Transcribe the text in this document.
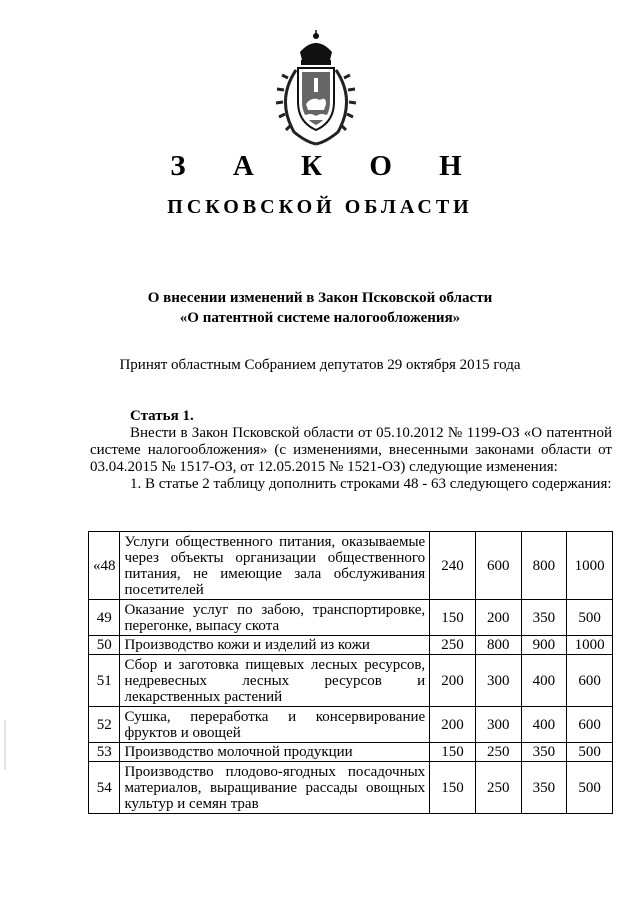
З А К О Н
ПСКОВСКОЙ ОБЛАСТИ
О внесении изменений в Закон Псковской области
«О патентной системе налогообложения»
Принят областным Собранием депутатов 29 октября 2015 года
Статья 1.

Внести в Закон Псковской области от 05.10.2012 № 1199-ОЗ «О патентной системе налогообложения» (с изменениями, внесенными законами области от 03.04.2015 № 1517-ОЗ, от 12.05.2015 № 1521-ОЗ) следующие изменения:

1. В статье 2 таблицу дополнить строками 48 - 63 следующего содержания:

«48	Услуги общественного питания, оказываемые через объекты организации общественного питания, не имеющие зала обслуживания посетителей	240	600	800	1000
49	Оказание услуг по забою, транспортировке, перегонке, выпасу скота	150	200	350	500
50	Производство кожи и изделий из кожи	250	800	900	1000
51	Сбор и заготовка пищевых лесных ресурсов, недревесных лесных ресурсов и лекарственных растений	200	300	400	600
52	Сушка, переработка и консервирование фруктов и овощей	200	300	400	600
53	Производство молочной продукции	150	250	350	500
54	Производство плодово-ягодных посадочных материалов, выращивание рассады овощных культур и семян трав	150	250	350	500
